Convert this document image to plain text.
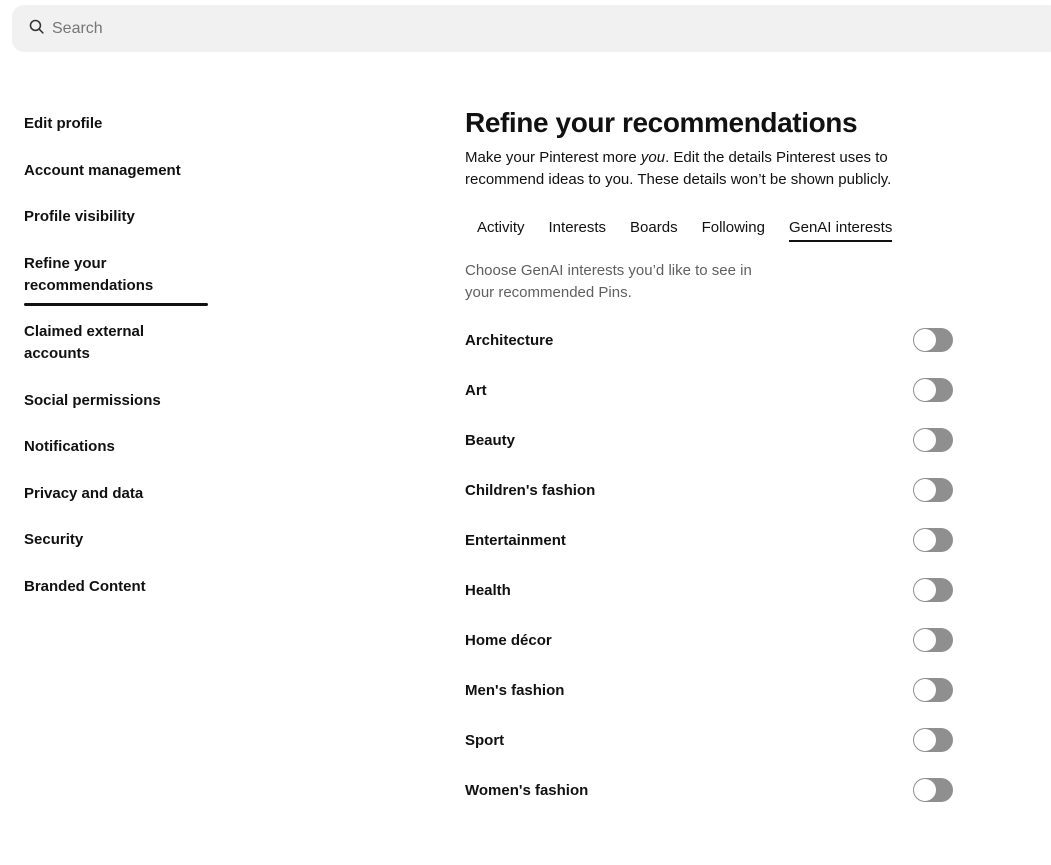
Search
Edit profile
Account management
Profile visibility
Refine your recommendations
Claimed external accounts
Social permissions
Notifications
Privacy and data
Security
Branded Content
Refine your recommendations

Make your Pinterest more you. Edit the details Pinterest uses to recommend ideas to you. These details won’t be shown publicly.

Activity Interests Boards Following GenAI interests

Choose GenAI interests you’d like to see in your recommended Pins.

Architecture
Art
Beauty
Children's fashion
Entertainment
Health
Home décor
Men's fashion
Sport
Women's fashion
